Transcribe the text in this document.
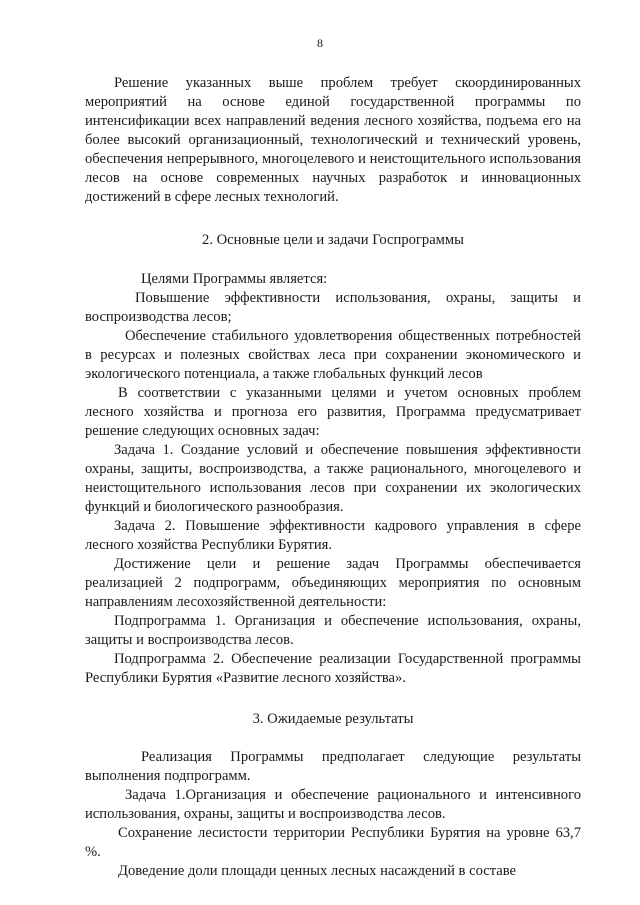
8

Решение указанных выше проблем требует скоординированных мероприятий на основе единой государственной программы по интенсификации всех направлений ведения лесного хозяйства, подъема его на более высокий организационный, технологический и технический уровень, обеспечения непрерывного, многоцелевого и неистощительного использования лесов на основе современных научных разработок и инновационных достижений в сфере лесных технологий.

2. Основные цели и задачи Госпрограммы

Целями Программы является:

Повышение эффективности использования, охраны, защиты и воспроизводства лесов;

Обеспечение стабильного удовлетворения общественных потребностей в ресурсах и полезных свойствах леса при сохранении экономического и экологического потенциала, а также глобальных функций лесов

В соответствии с указанными целями и учетом основных проблем лесного хозяйства и прогноза его развития, Программа предусматривает решение следующих основных задач:

Задача 1. Создание условий и обеспечение повышения эффективности охраны, защиты, воспроизводства, а также рационального, многоцелевого и неистощительного использования лесов при сохранении их экологических функций и биологического разнообразия.

Задача 2. Повышение эффективности кадрового управления в сфере лесного хозяйства Республики Бурятия.

Достижение цели и решение задач Программы обеспечивается реализацией 2 подпрограмм, объединяющих мероприятия по основным направлениям лесохозяйственной деятельности:

Подпрограмма 1. Организация и обеспечение использования, охраны, защиты и воспроизводства лесов.

Подпрограмма 2. Обеспечение реализации Государственной программы Республики Бурятия «Развитие лесного хозяйства».

3. Ожидаемые результаты

Реализация Программы предполагает следующие результаты выполнения подпрограмм.

Задача 1.Организация и обеспечение рационального и интенсивного использования, охраны, защиты и воспроизводства лесов.

Сохранение лесистости территории Республики Бурятия на уровне 63,7 %.

Доведение доли площади ценных лесных насаждений в составе
